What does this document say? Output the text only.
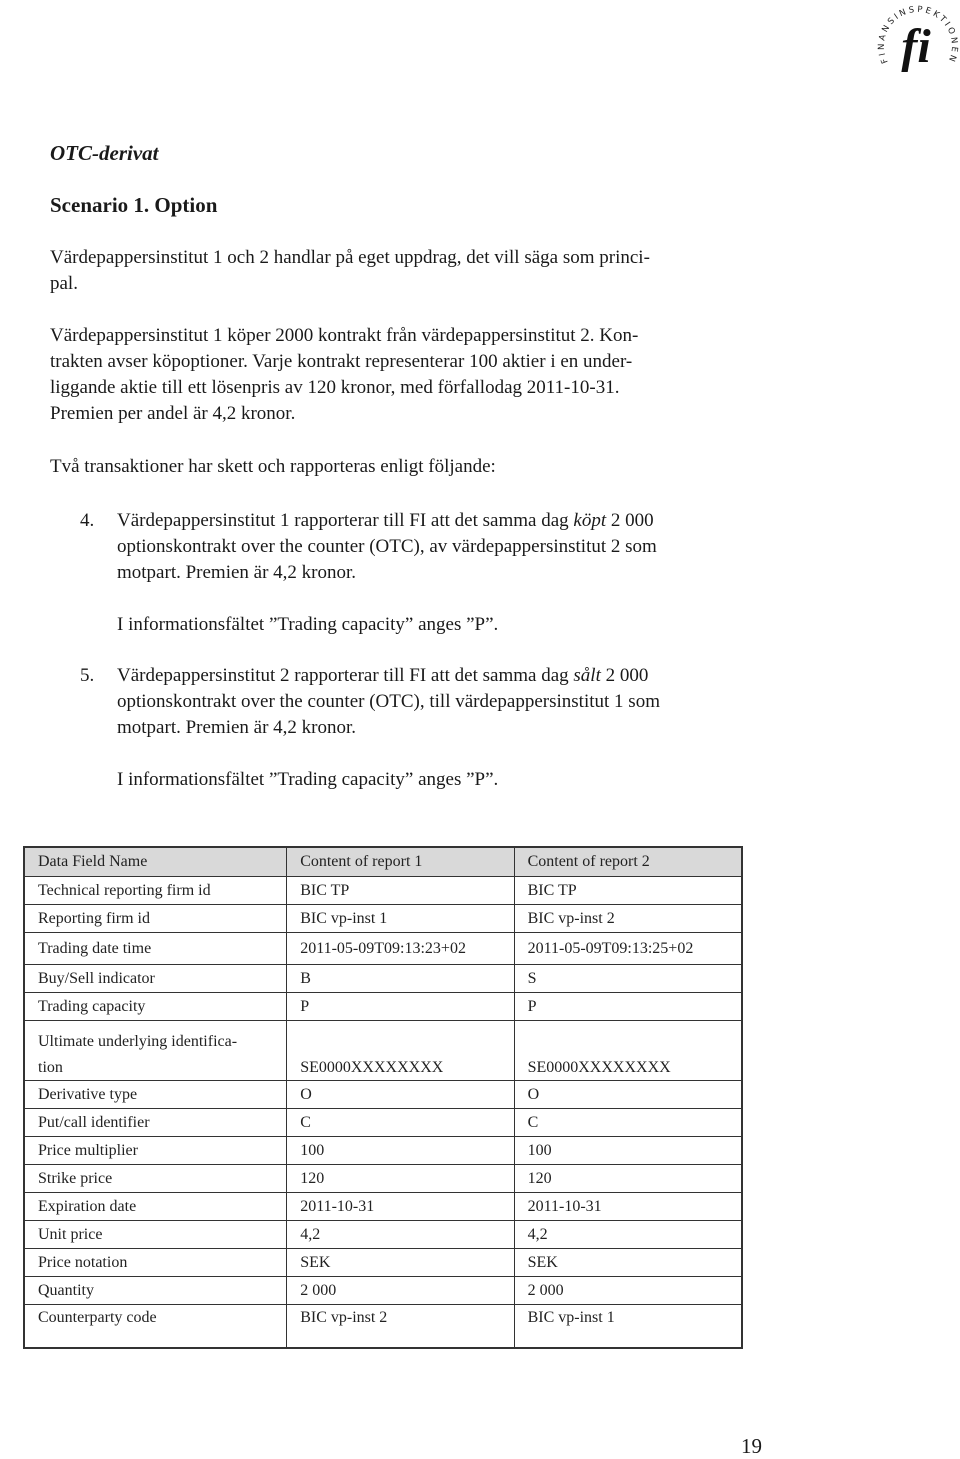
FINANSINSPEKTIONEN
fi

OTC-derivat

Scenario 1. Option

Värdepappersinstitut 1 och 2 handlar på eget uppdrag, det vill säga som princi-
pal.
Värdepappersinstitut 1 köper 2000 kontrakt från värdepappersinstitut 2. Kon-
trakten avser köpoptioner. Varje kontrakt representerar 100 aktier i en under-
liggande aktie till ett lösenpris av 120 kronor, med förfallodag 2011-10-31.
Premien per andel är 4,2 kronor.
Två transaktioner har skett och rapporteras enligt följande:
4.	Värdepappersinstitut 1 rapporterar till FI att det samma dag köpt 2 000
optionskontrakt over the counter (OTC), av värdepappersinstitut 2 som
motpart. Premien är 4,2 kronor.
I informationsfältet ”Trading capacity” anges ”P”.
5.	Värdepappersinstitut 2 rapporterar till FI att det samma dag sålt 2 000
optionskontrakt over the counter (OTC), till värdepappersinstitut 1 som
motpart. Premien är 4,2 kronor.
I informationsfältet ”Trading capacity” anges ”P”.
Data Field Name	Content of report 1	Content of report 2
Technical reporting firm id	BIC TP	BIC TP
Reporting firm id	BIC vp-inst 1	BIC vp-inst 2
Trading date time	2011-05-09T09:13:23+02	2011-05-09T09:13:25+02
Buy/Sell indicator	B	S
Trading capacity	P	P

Ultimate underlying identifica-
tion	SE0000XXXXXXXX	SE0000XXXXXXXX
Derivative type	O	O
Put/call identifier	C	C
Price multiplier	100	100
Strike price	120	120
Expiration date	2011-10-31	2011-10-31
Unit price	4,2	4,2
Price notation	SEK	SEK
Quantity	2 000	2 000
Counterparty code	BIC vp-inst 2	BIC vp-inst 1
19
